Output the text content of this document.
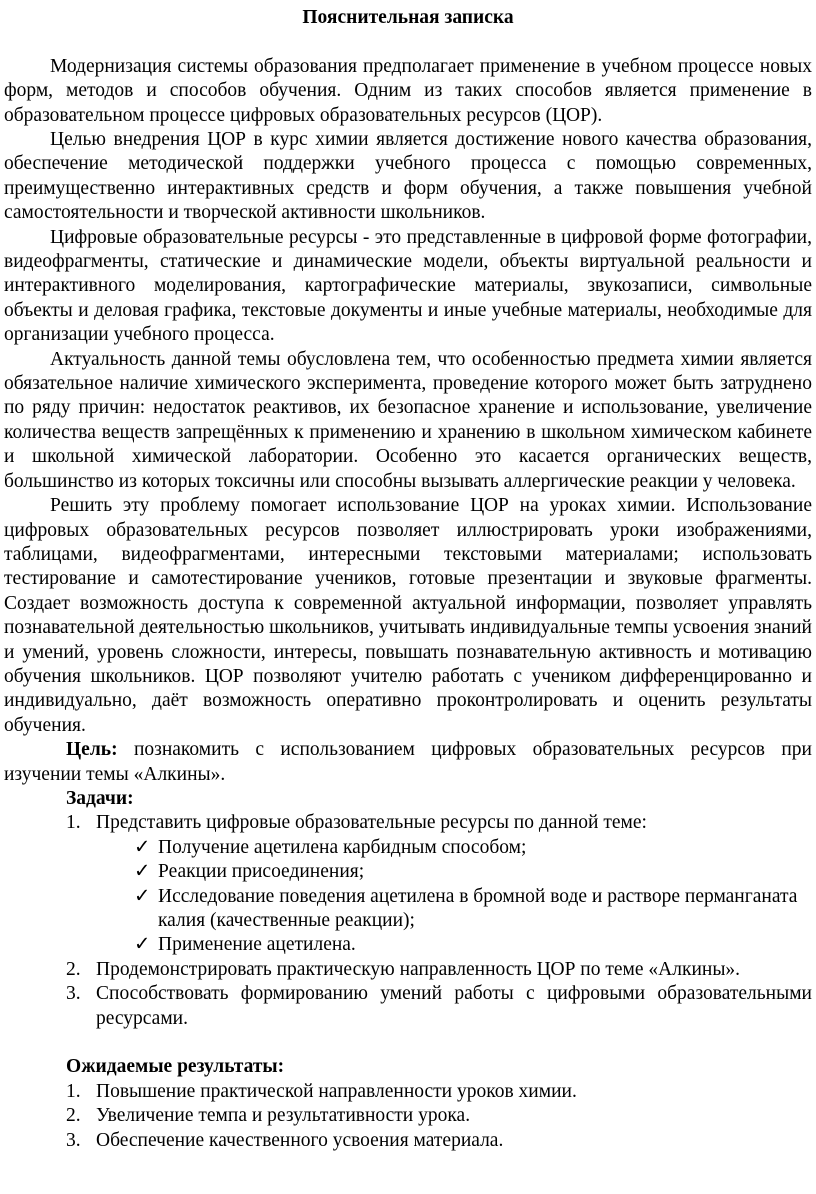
Пояснительная записка

Модернизация системы образования предполагает применение в учебном процессе новых форм, методов и способов обучения. Одним из таких способов является применение в образовательном процессе цифровых образовательных ресурсов (ЦОР).

Целью внедрения ЦОР в курс химии является достижение нового качества образования, обеспечение методической поддержки учебного процесса с помощью современных, преимущественно интерактивных средств и форм обучения, а также повышения учебной самостоятельности и творческой активности школьников.

Цифровые образовательные ресурсы - это представленные в цифровой форме фотографии, видеофрагменты, статические и динамические модели, объекты виртуальной реальности и интерактивного моделирования, картографические материалы, звукозаписи, символьные объекты и деловая графика, текстовые документы и иные учебные материалы, необходимые для организации учебного процесса.

Актуальность данной темы обусловлена тем, что особенностью предмета химии является обязательное наличие химического эксперимента, проведение которого может быть затруднено по ряду причин: недостаток реактивов, их безопасное хранение и использование, увеличение количества веществ запрещённых к применению и хранению в школьном химическом кабинете и школьной химической лаборатории. Особенно это касается органических веществ, большинство из которых токсичны или способны вызывать аллергические реакции у человека.

Решить эту проблему помогает использование ЦОР на уроках химии. Использование цифровых образовательных ресурсов позволяет иллюстрировать уроки изображениями, таблицами, видеофрагментами, интересными текстовыми материалами; использовать тестирование и самотестирование учеников, готовые презентации и звуковые фрагменты. Создает возможность доступа к современной актуальной информации, позволяет управлять познавательной деятельностью школьников, учитывать индивидуальные темпы усвоения знаний и умений, уровень сложности, интересы, повышать познавательную активность и мотивацию обучения школьников. ЦОР позволяют учителю работать с учеником дифференцированно и индивидуально, даёт возможность оперативно проконтролировать и оценить результаты обучения.

Цель: познакомить с использованием цифровых образовательных ресурсов при изучении темы «Алкины».

Задачи:
1. Представить цифровые образовательные ресурсы по данной теме:
✓ Получение ацетилена карбидным способом;
✓ Реакции присоединения;
✓ Исследование поведения ацетилена в бромной воде и растворе перманганата калия (качественные реакции);
✓ Применение ацетилена.
2. Продемонстрировать практическую направленность ЦОР по теме «Алкины».
3. Способствовать формированию умений работы с цифровыми образовательными ресурсами.
Ожидаемые результаты:
1. Повышение практической направленности уроков химии.
2. Увеличение темпа и результативности урока.
3. Обеспечение качественного усвоения материала.
